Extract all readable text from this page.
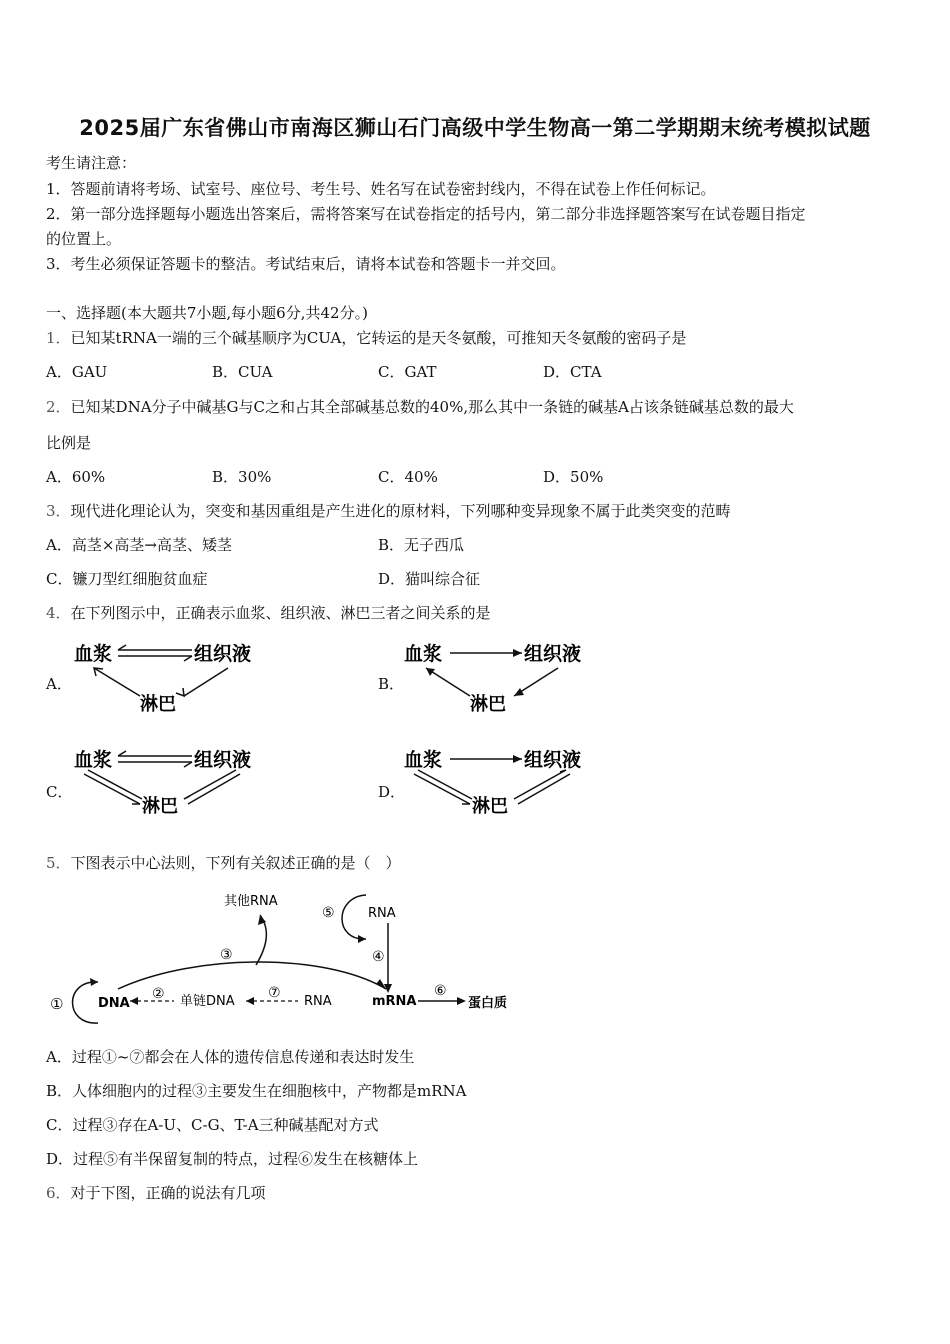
2025届广东省佛山市南海区狮山石门高级中学生物高一第二学期期末统考模拟试题
考生请注意：
1．答题前请将考场、试室号、座位号、考生号、姓名写在试卷密封线内，不得在试卷上作任何标记。
2．第一部分选择题每小题选出答案后，需将答案写在试卷指定的括号内，第二部分非选择题答案写在试卷题目指定
的位置上。
3．考生必须保证答题卡的整洁。考试结束后，请将本试卷和答题卡一并交回。
一、选择题(本大题共7小题,每小题6分,共42分。)
1．已知某tRNA一端的三个碱基顺序为CUA，它转运的是天冬氨酸，可推知天冬氨酸的密码子是
A．GAU	B．CUA	C．GAT	D．CTA
2．已知某DNA分子中碱基G与C之和占其全部碱基总数的40%,那么其中一条链的碱基A占该条链碱基总数的最大
比例是
A．60%	B．30%	C．40%	D．50%
3．现代进化理论认为，突变和基因重组是产生进化的原材料，下列哪种变异现象不属于此类突变的范畴
A．高茎×高茎→高茎、矮茎	B．无子西瓜
C．镰刀型红细胞贫血症	D．猫叫综合征
4．在下列图示中，正确表示血浆、组织液、淋巴三者之间关系的是
A．	B．
C．	D．
血浆	组织液
淋巴
血浆	组织液
淋巴
血浆	组织液
淋巴
血浆	组织液
淋巴
5．下图表示中心法则，下列有关叙述正确的是（　）
①	DNA
② 单链DNA
⑦
RNA
③
其他RNA
⑤	RNA
④
mRNA
⑥
蛋白质
A．过程①~⑦都会在人体的遗传信息传递和表达时发生
B．人体细胞内的过程③主要发生在细胞核中，产物都是mRNA
C．过程③存在A-U、C-G、T-A三种碱基配对方式
D．过程⑤有半保留复制的特点，过程⑥发生在核糖体上
6．对于下图，正确的说法有几项
